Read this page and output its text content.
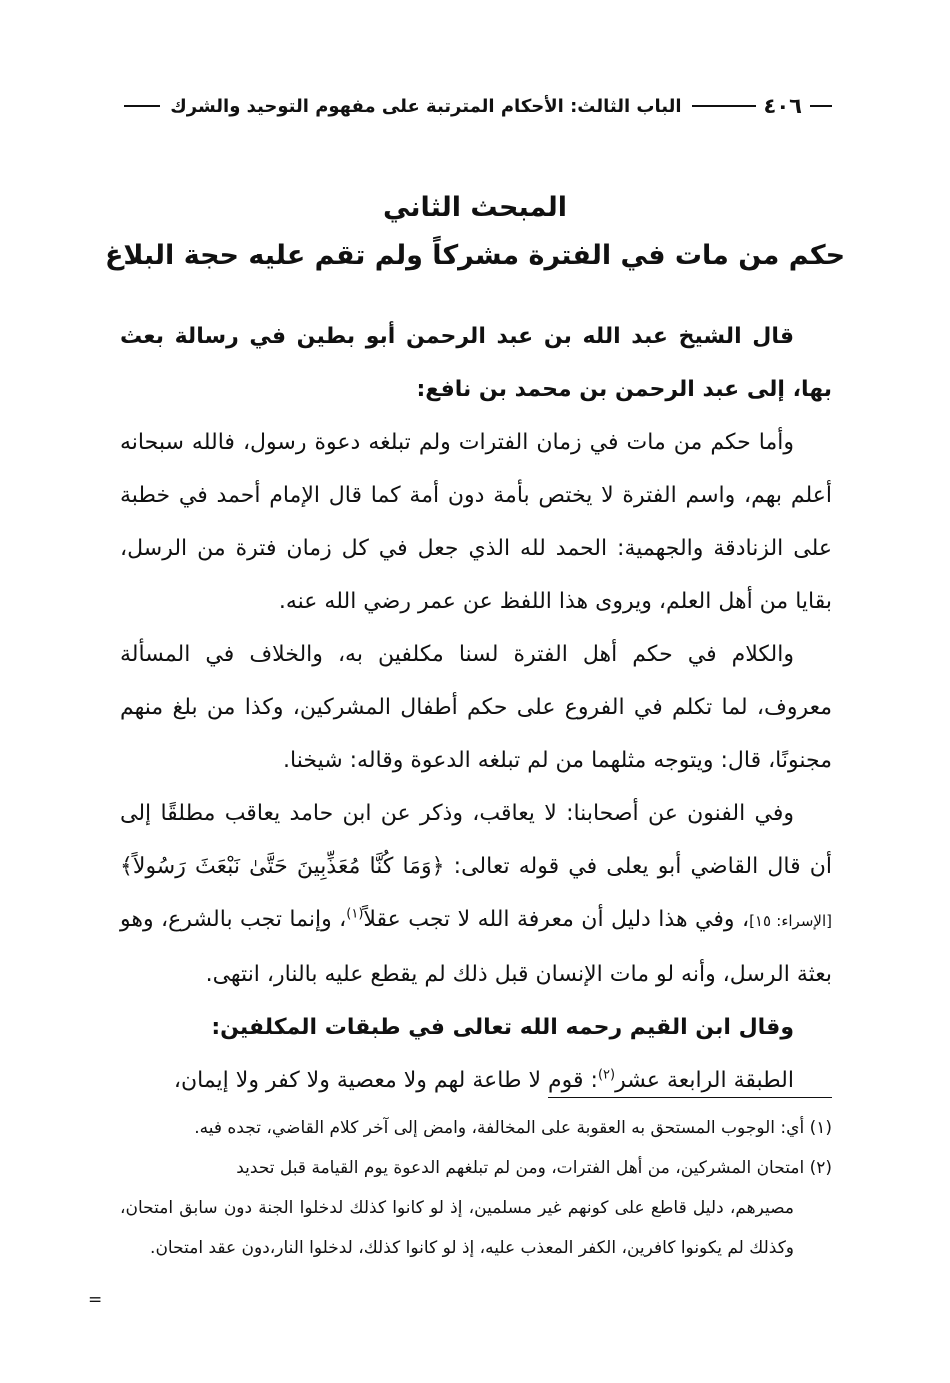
٤٠٦
الباب الثالث: الأحكام المترتبة على مفهوم التوحيد والشرك
المبحث الثاني
حكم من مات في الفترة مشركاً ولم تقم عليه حجة البلاغ

قال الشيخ عبد الله بن عبد الرحمن أبو بطين في رسالة بعث بها، إلى عبد الرحمن بن محمد بن نافع:

وأما حكم من مات في زمان الفترات ولم تبلغه دعوة رسول، فالله سبحانه أعلم بهم، واسم الفترة لا يختص بأمة دون أمة كما قال الإمام أحمد في خطبة على الزنادقة والجهمية: الحمد لله الذي جعل في كل زمان فترة من الرسل، بقايا من أهل العلم، ويروى هذا اللفظ عن عمر رضي الله عنه.

والكلام في حكم أهل الفترة لسنا مكلفين به، والخلاف في المسألة معروف، لما تكلم في الفروع على حكم أطفال المشركين، وكذا من بلغ منهم مجنونًا، قال: ويتوجه مثلهما من لم تبلغه الدعوة وقاله: شيخنا.

وفي الفنون عن أصحابنا: لا يعاقب، وذكر عن ابن حامد يعاقب مطلقًا إلى أن قال القاضي أبو يعلى في قوله تعالى: ﴿وَمَا كُنَّا مُعَذِّبِينَ حَتَّىٰ نَبْعَثَ رَسُولاً﴾ [الإسراء: ١٥]، وفي هذا دليل أن معرفة الله لا تجب عقلاً$^{(١)}$، وإنما تجب بالشرع، وهو بعثة الرسل، وأنه لو مات الإنسان قبل ذلك لم يقطع عليه بالنار، انتهى.

وقال ابن القيم رحمه الله تعالى في طبقات المكلفين:

الطبقة الرابعة عشر$^{(٢)}$: قوم لا طاعة لهم ولا معصية ولا كفر ولا إيمان،

(١) أي: الوجوب المستحق به العقوبة على المخالفة، وامض إلى آخر كلام القاضي، تجده فيه.

(٢) امتحان المشركين، من أهل الفترات، ومن لم تبلغهم الدعوة يوم القيامة قبل تحديد

مصيرهم، دليل قاطع على كونهم غير مسلمين، إذ لو كانوا كذلك لدخلوا الجنة دون سابق امتحان، وكذلك لم يكونوا كافرين، الكفر المعذب عليه، إذ لو كانوا كذلك، لدخلوا النار،دون عقد امتحان.

=
